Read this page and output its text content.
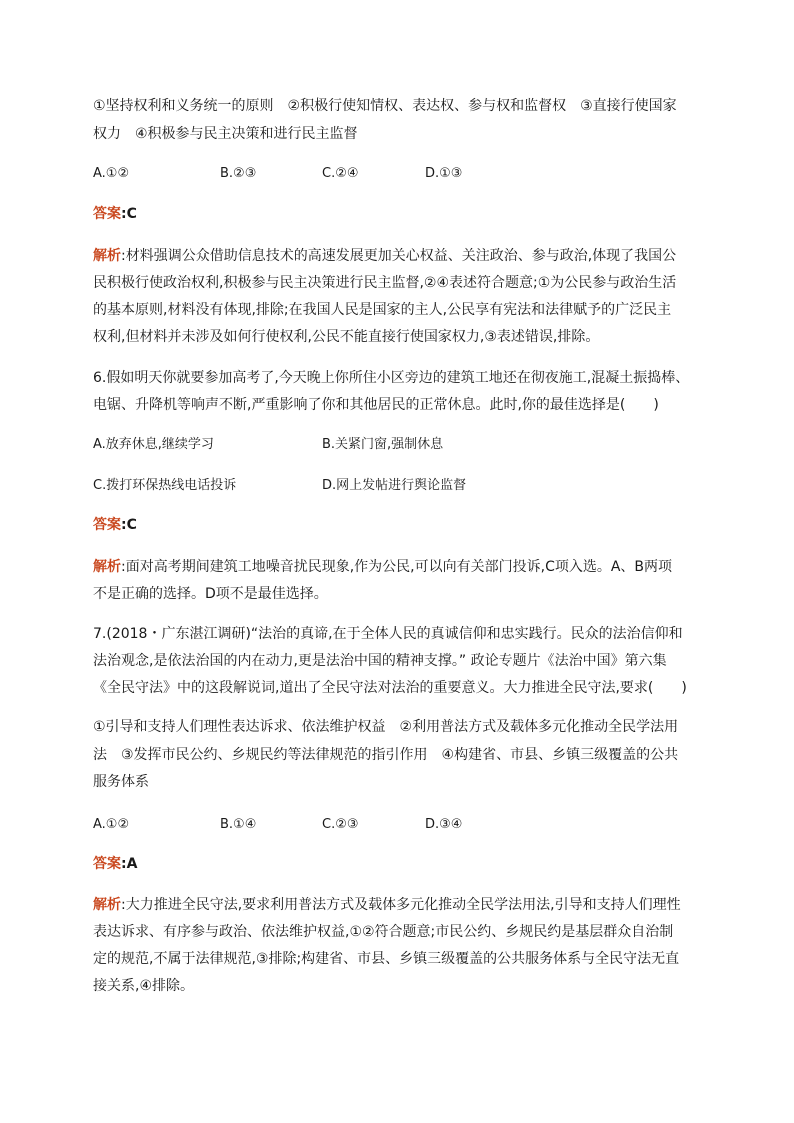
①坚持权利和义务统一的原则　②积极行使知情权、表达权、参与权和监督权　③直接行使国家
权力　④积极参与民主决策和进行民主监督
A.①②	B.②③	C.②④	D.①③
答案:C
解析:材料强调公众借助信息技术的高速发展更加关心权益、关注政治、参与政治,体现了我国公
民积极行使政治权利,积极参与民主决策进行民主监督,②④表述符合题意;①为公民参与政治生活
的基本原则,材料没有体现,排除;在我国人民是国家的主人,公民享有宪法和法律赋予的广泛民主
权利,但材料并未涉及如何行使权利,公民不能直接行使国家权力,③表述错误,排除。
6.假如明天你就要参加高考了,今天晚上你所住小区旁边的建筑工地还在彻夜施工,混凝土振捣棒、
电锯、升降机等响声不断,严重影响了你和其他居民的正常休息。此时,你的最佳选择是(　　)
A.放弃休息,继续学习	B.关紧门窗,强制休息
C.拨打环保热线电话投诉	D.网上发帖进行舆论监督
答案:C
解析:面对高考期间建筑工地噪音扰民现象,作为公民,可以向有关部门投诉,C项入选。A、B两项
不是正确的选择。D项不是最佳选择。
7.(2018・广东湛江调研)“法治的真谛,在于全体人民的真诚信仰和忠实践行。民众的法治信仰和
法治观念,是依法治国的内在动力,更是法治中国的精神支撑。” 政论专题片《法治中国》第六集
《全民守法》中的这段解说词,道出了全民守法对法治的重要意义。大力推进全民守法,要求(　　)
①引导和支持人们理性表达诉求、依法维护权益　②利用普法方式及载体多元化推动全民学法用
法　③发挥市民公约、乡规民约等法律规范的指引作用　④构建省、市县、乡镇三级覆盖的公共
服务体系
A.①②	B.①④	C.②③	D.③④
答案:A
解析:大力推进全民守法,要求利用普法方式及载体多元化推动全民学法用法,引导和支持人们理性
表达诉求、有序参与政治、依法维护权益,①②符合题意;市民公约、乡规民约是基层群众自治制
定的规范,不属于法律规范,③排除;构建省、市县、乡镇三级覆盖的公共服务体系与全民守法无直
接关系,④排除。
